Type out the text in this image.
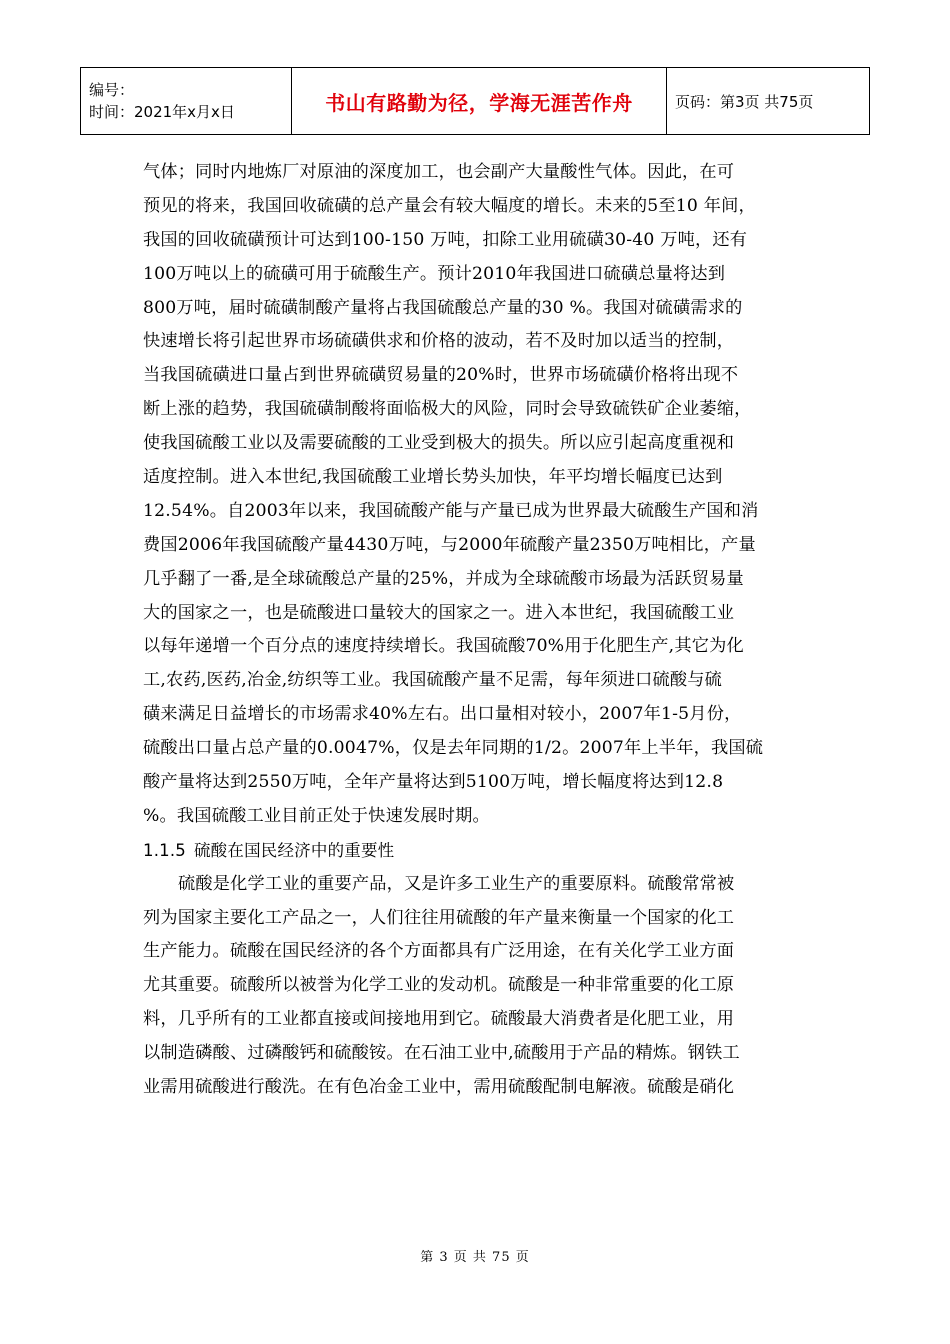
编号：
时间：2021年x月x日	书山有路勤为径，学海无涯苦作舟	页码：第3页 共75页
气体；同时内地炼厂对原油的深度加工，也会副产大量酸性气体。因此，在可
预见的将来，我国回收硫磺的总产量会有较大幅度的增长。未来的5至10 年间，
我国的回收硫磺预计可达到100-150 万吨，扣除工业用硫磺30-40 万吨，还有
100万吨以上的硫磺可用于硫酸生产。预计2010年我国进口硫磺总量将达到
800万吨，届时硫磺制酸产量将占我国硫酸总产量的30 %。我国对硫磺需求的
快速增长将引起世界市场硫磺供求和价格的波动，若不及时加以适当的控制，
当我国硫磺进口量占到世界硫磺贸易量的20%时，世界市场硫磺价格将出现不
断上涨的趋势，我国硫磺制酸将面临极大的风险，同时会导致硫铁矿企业萎缩，
使我国硫酸工业以及需要硫酸的工业受到极大的损失。所以应引起高度重视和
适度控制。进入本世纪,我国硫酸工业增长势头加快，年平均增长幅度已达到
12.54%。自2003年以来，我国硫酸产能与产量已成为世界最大硫酸生产国和消
费国2006年我国硫酸产量4430万吨，与2000年硫酸产量2350万吨相比，产量
几乎翻了一番,是全球硫酸总产量的25%，并成为全球硫酸市场最为活跃贸易量
大的国家之一，也是硫酸进口量较大的国家之一。进入本世纪，我国硫酸工业
以每年递增一个百分点的速度持续增长。我国硫酸70%用于化肥生产,其它为化
工,农药,医药,冶金,纺织等工业。我国硫酸产量不足需，每年须进口硫酸与硫
磺来满足日益增长的市场需求40%左右。出口量相对较小，2007年1-5月份，
硫酸出口量占总产量的0.0047%，仅是去年同期的1/2。2007年上半年，我国硫
酸产量将达到2550万吨，全年产量将达到5100万吨，增长幅度将达到12.8
%。我国硫酸工业目前正处于快速发展时期。
1.1.5 硫酸在国民经济中的重要性
硫酸是化学工业的重要产品，又是许多工业生产的重要原料。硫酸常常被
列为国家主要化工产品之一，人们往往用硫酸的年产量来衡量一个国家的化工
生产能力。硫酸在国民经济的各个方面都具有广泛用途，在有关化学工业方面
尤其重要。硫酸所以被誉为化学工业的发动机。硫酸是一种非常重要的化工原
料，几乎所有的工业都直接或间接地用到它。硫酸最大消费者是化肥工业，用
以制造磷酸、过磷酸钙和硫酸铵。在石油工业中,硫酸用于产品的精炼。钢铁工
业需用硫酸进行酸洗。在有色冶金工业中，需用硫酸配制电解液。硫酸是硝化
第 3 页 共 75 页
